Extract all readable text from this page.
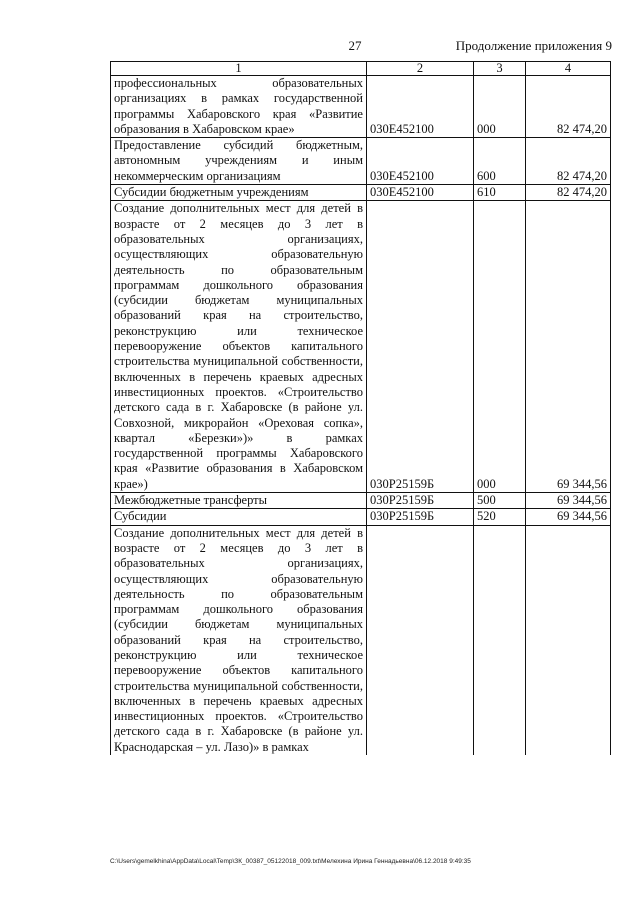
27	Продолжение приложения 9
1	2	3	4
профессиональных образовательных организациях в рамках государственной программы Хабаровского края «Развитие образования в Хабаровском крае»	030Е452100	000	82 474,20
Предоставление субсидий бюджетным, автономным учреждениям и иным некоммерческим организациям	030Е452100	600	82 474,20
Субсидии бюджетным учреждениям	030Е452100	610	82 474,20
Создание дополнительных мест для детей в возрасте от 2 месяцев до 3 лет в образовательных организациях, осуществляющих образовательную деятельность по образовательным программам дошкольного образования (субсидии бюджетам муниципальных образований края на строительство, реконструкцию или техническое перевооружение объектов капитального строительства муниципальной собственности, включенных в перечень краевых адресных инвестиционных проектов. «Строительство детского сада в г. Хабаровске (в районе ул. Совхозной, микрорайон «Ореховая сопка», квартал «Березки»)» в рамках государственной программы Хабаровского края «Развитие образования в Хабаровском крае»)	030P25159Б	000	69 344,56
Межбюджетные трансферты	030P25159Б	500	69 344,56
Субсидии	030P25159Б	520	69 344,56
Создание дополнительных мест для детей в возрасте от 2 месяцев до 3 лет в образовательных организациях, осуществляющих образовательную деятельность по образовательным программам дошкольного образования (субсидии бюджетам муниципальных образований края на строительство, реконструкцию или техническое перевооружение объектов капитального строительства муниципальной собственности, включенных в перечень краевых адресных инвестиционных проектов. «Строительство детского сада в г. Хабаровске (в районе ул. Краснодарская – ул. Лазо)» в рамках			
C:\Users\gemelkhina\AppData\Local\Temp\ЗК_00387_05122018_009.txt\Мелехина Ирина Геннадьевна\06.12.2018 9:49:35
